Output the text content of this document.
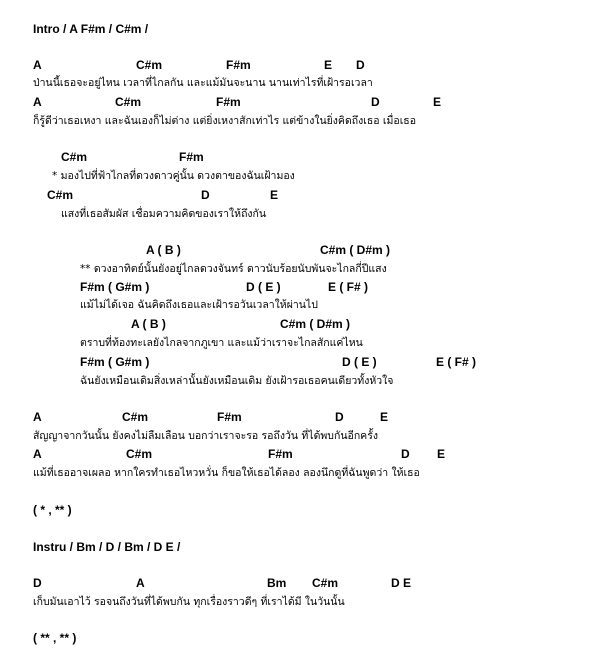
Intro / A F#m / C#m /
A	C#m	F#m	E D
ป่านนี้เธอจะอยู่ไหน เวลาที่ไกลกัน และแม้มันจะนาน นานเท่าไรที่เฝ้ารอเวลา
A	C#m	F#m	D	E
ก็รู้ดีว่าเธอเหงา และฉันเองก็ไม่ต่าง แต่ยิ่งเหงาสักเท่าไร แต่ข้างในยิ่งคิดถึงเธอ เมื่อเธอ
C#m	F#m
* มองไปที่ฟ้าไกลที่ดวงดาวคู่นั้น ดวงตาของฉันเฝ้ามอง
C#m	D	E
แสงที่เธอสัมผัส เชื่อมความคิดของเราให้ถึงกัน
A ( B )	C#m ( D#m )
** ดวงอาทิตย์นั้นยังอยู่ไกลดวงจันทร์ ดาวนับร้อยนับพันจะไกลกี่ปีแสง
F#m ( G#m )	D ( E )	E ( F# )
แม้ไม่ได้เจอ ฉันคิดถึงเธอและเฝ้ารอวันเวลาให้ผ่านไป
A ( B )	C#m ( D#m )
ตราบที่ท้องทะเลยังไกลจากภูเขา และแม้ว่าเราจะไกลสักแค่ไหน
F#m ( G#m )	D ( E )	E ( F# )
ฉันยังเหมือนเดิมสิ่งเหล่านั้นยังเหมือนเดิม ยังเฝ้ารอเธอคนเดียวทั้งหัวใจ
A	C#m	F#m	D	E
สัญญาจากวันนั้น ยังคงไม่ลืมเลือน บอกว่าเราจะรอ รอถึงวัน ที่ได้พบกันอีกครั้ง
A	C#m	F#m	D E
แม้ที่เธออาจเผลอ หากใครทำเธอไหวหวั่น ก็ขอให้เธอได้ลอง ลองนึกดูที่ฉันพูดว่า ให้เธอ
( * , ** )
Instru / Bm / D / Bm / D E /
D	A	Bm C#m	D E
เก็บมันเอาไว้ รอจนถึงวันที่ได้พบกัน ทุกเรื่องราวดีๆ ที่เราได้มี ในวันนั้น
( ** , ** )
